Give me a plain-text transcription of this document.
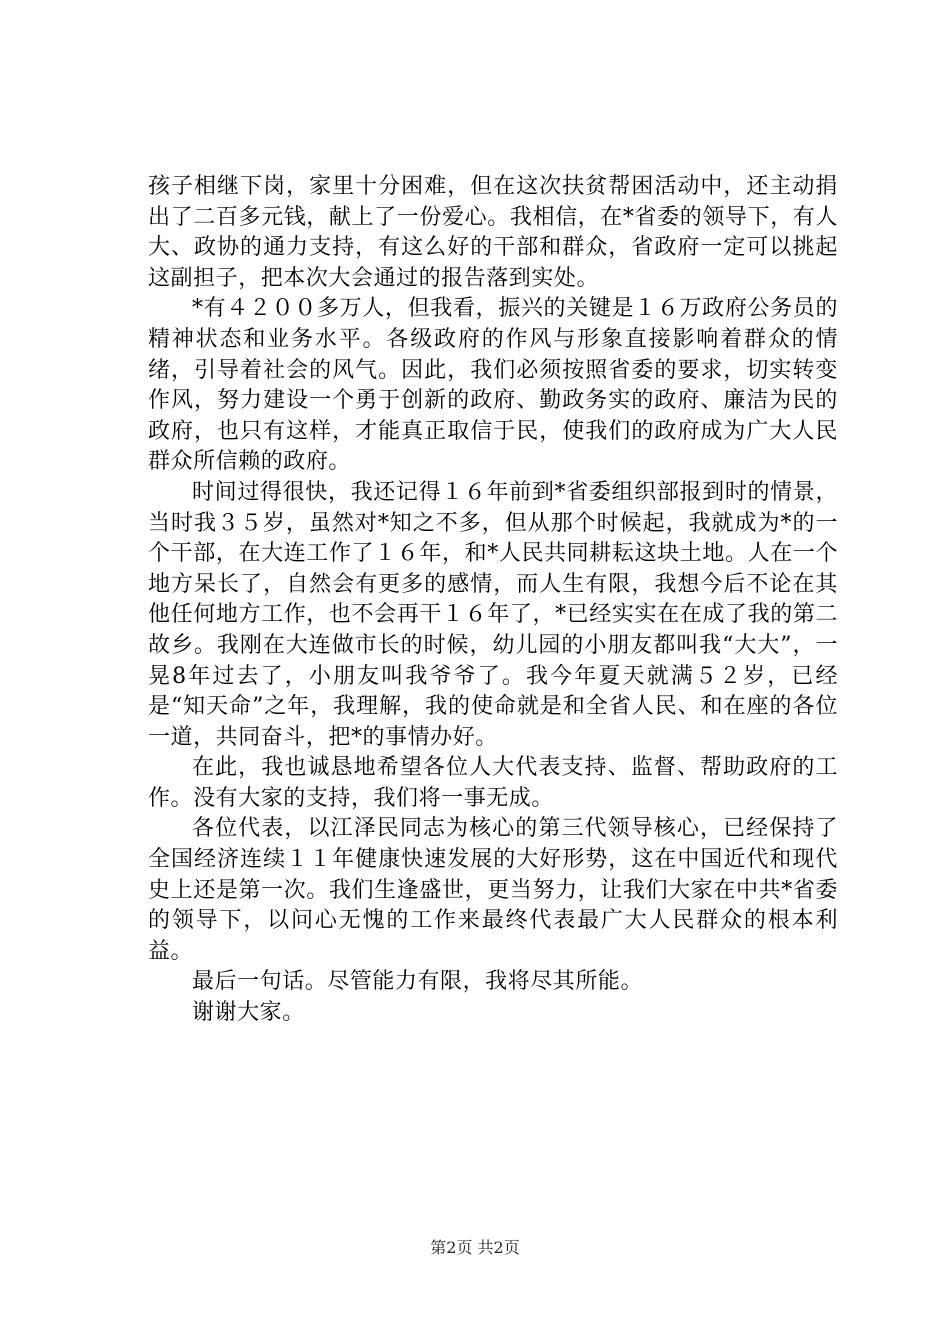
孩子相继下岗，家里十分困难，但在这次扶贫帮困活动中，还主动捐出了二百多元钱，献上了一份爱心。我相信，在*省委的领导下，有人大、政协的通力支持，有这么好的干部和群众，省政府一定可以挑起这副担子，把本次大会通过的报告落到实处。

*有４２００多万人，但我看，振兴的关键是１６万政府公务员的精神状态和业务水平。各级政府的作风与形象直接影响着群众的情绪，引导着社会的风气。因此，我们必须按照省委的要求，切实转变作风，努力建设一个勇于创新的政府、勤政务实的政府、廉洁为民的政府，也只有这样，才能真正取信于民，使我们的政府成为广大人民群众所信赖的政府。

时间过得很快，我还记得１６年前到*省委组织部报到时的情景，当时我３５岁，虽然对*知之不多，但从那个时候起，我就成为*的一个干部，在大连工作了１６年，和*人民共同耕耘这块土地。人在一个地方呆长了，自然会有更多的感情，而人生有限，我想今后不论在其他任何地方工作，也不会再干１６年了，*已经实实在在成了我的第二故乡。我刚在大连做市长的时候，幼儿园的小朋友都叫我“大大”，一晃8年过去了，小朋友叫我爷爷了。我今年夏天就满５２岁，已经是“知天命”之年，我理解，我的使命就是和全省人民、和在座的各位一道，共同奋斗，把*的事情办好。

在此，我也诚恳地希望各位人大代表支持、监督、帮助政府的工作。没有大家的支持，我们将一事无成。

各位代表，以江泽民同志为核心的第三代领导核心，已经保持了全国经济连续１１年健康快速发展的大好形势，这在中国近代和现代史上还是第一次。我们生逢盛世，更当努力，让我们大家在中共*省委的领导下，以问心无愧的工作来最终代表最广大人民群众的根本利益。

最后一句话。尽管能力有限，我将尽其所能。

谢谢大家。

第2页 共2页
